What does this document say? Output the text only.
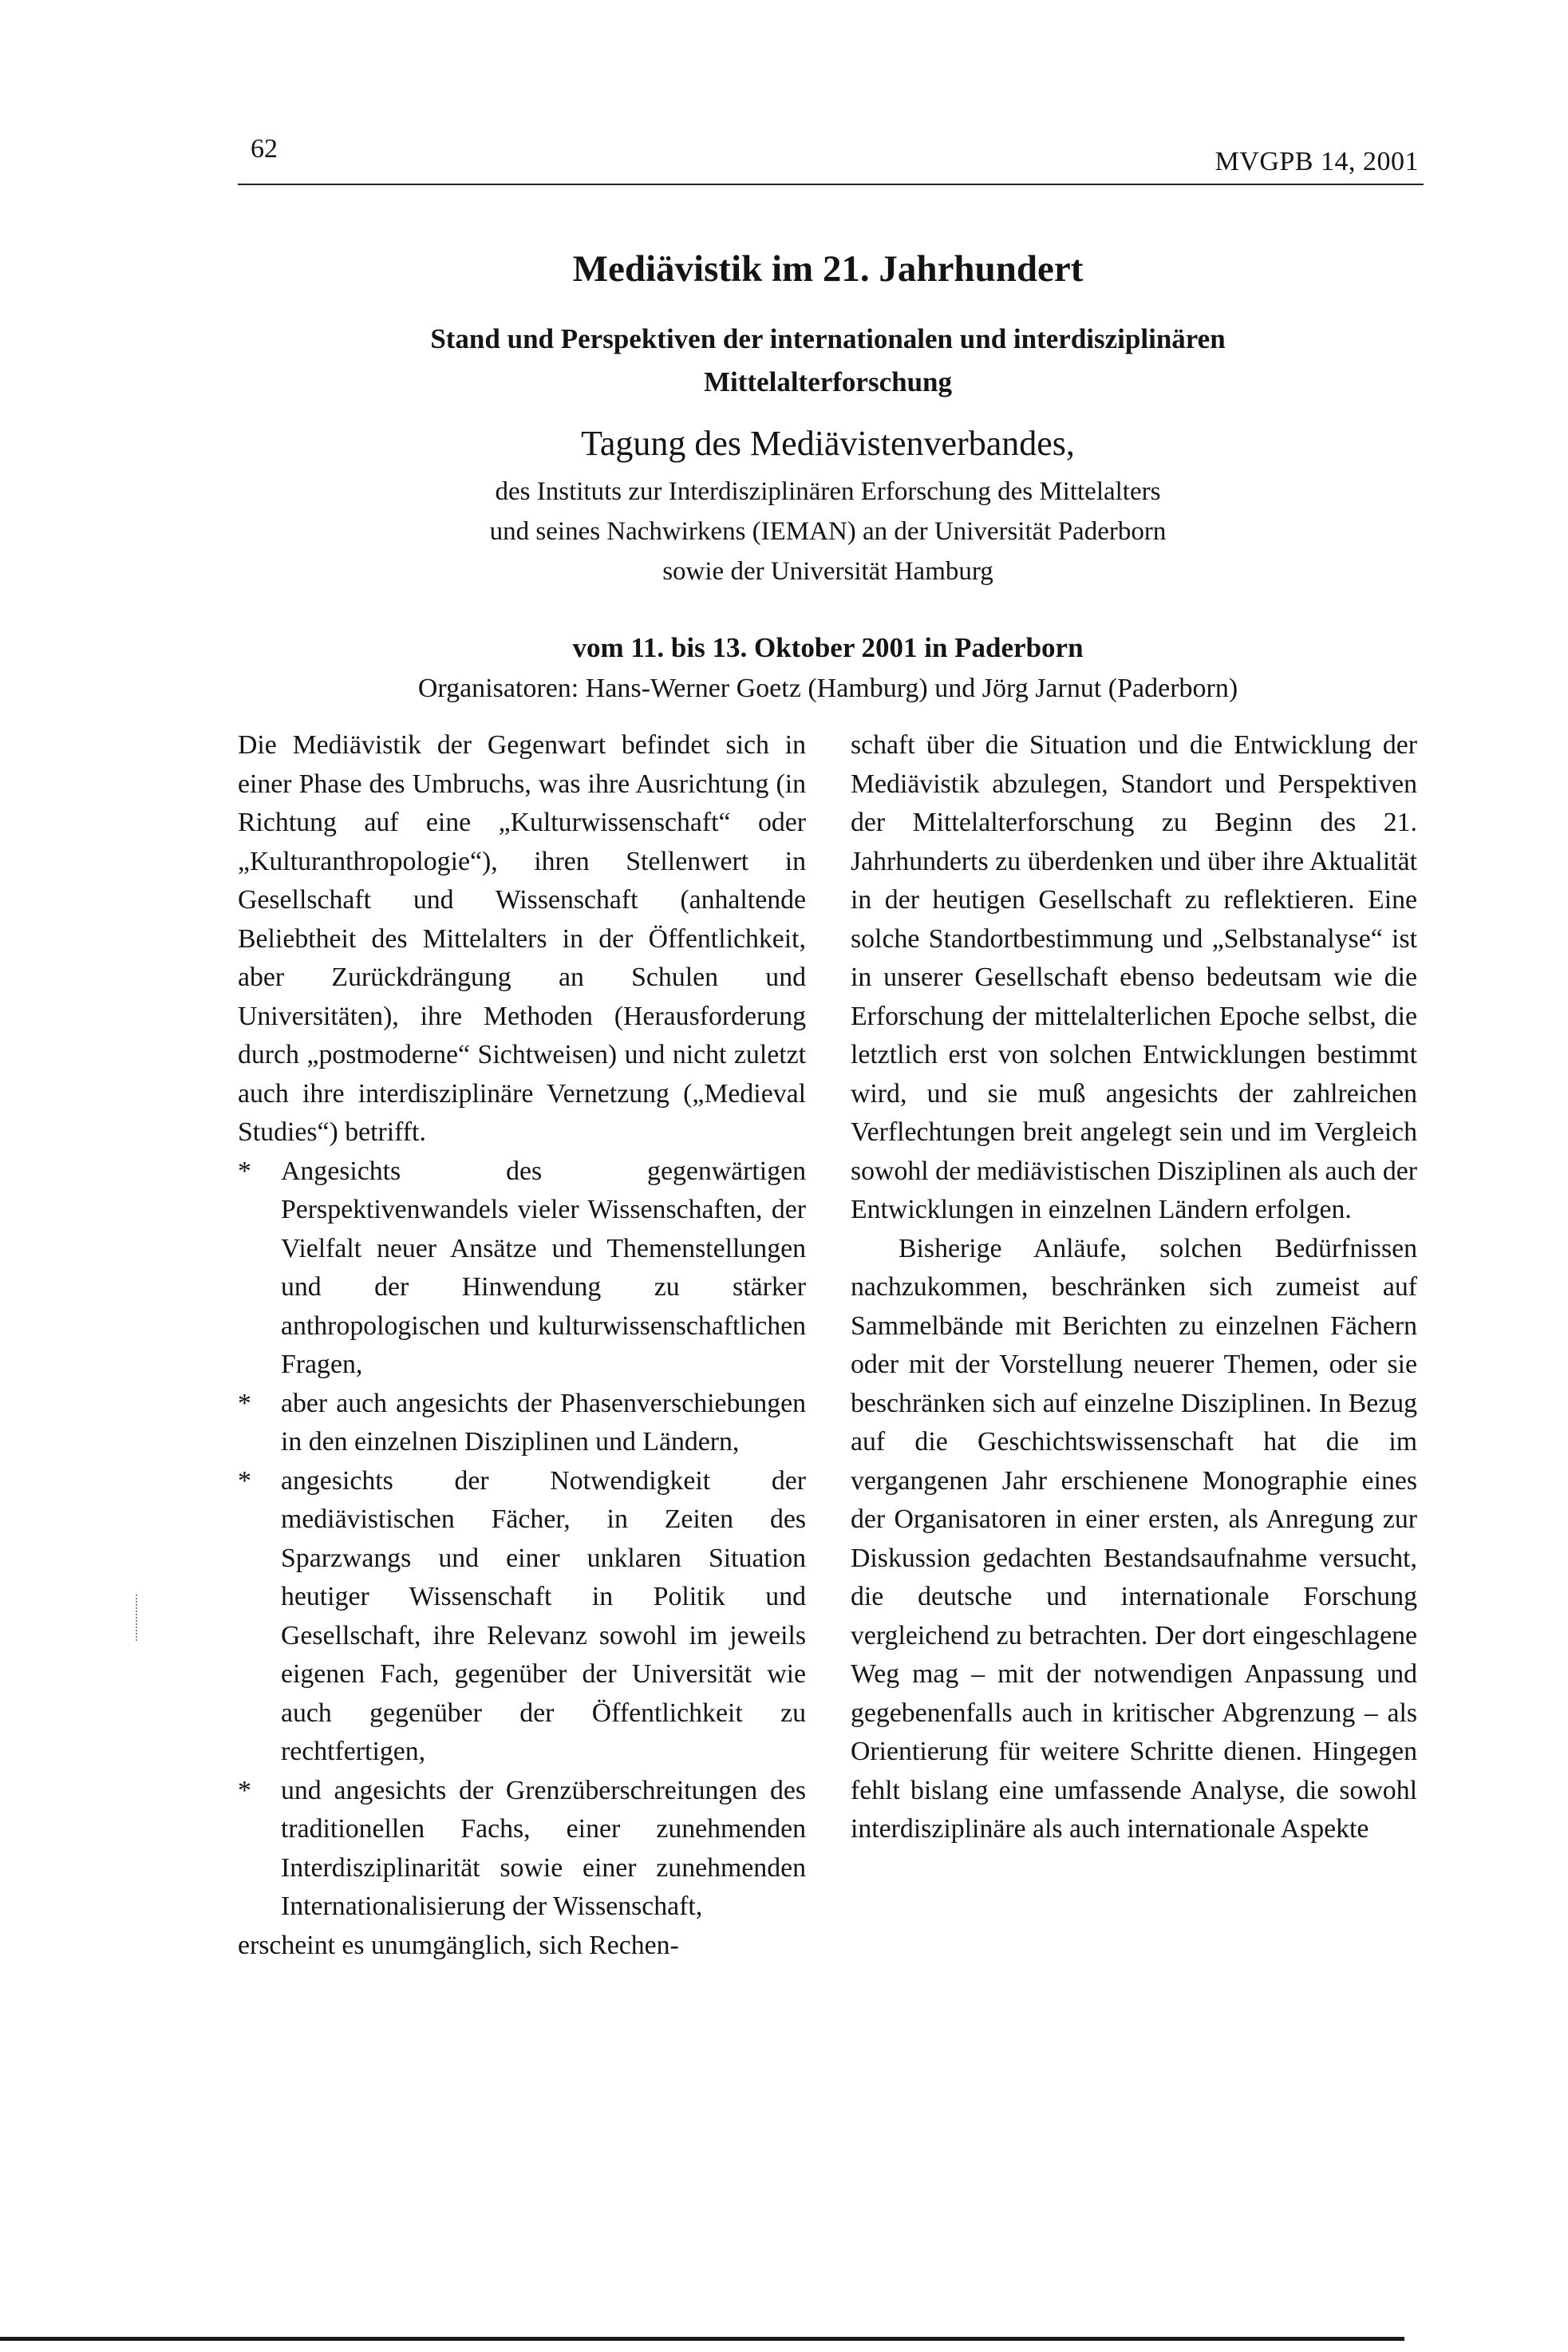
62	MVGPB 14, 2001
Mediävistik im 21. Jahrhundert
Stand und Perspektiven der internationalen und interdisziplinären
Mittelalterforschung
Tagung des Mediävistenverbandes,
des Instituts zur Interdisziplinären Erforschung des Mittelalters
und seines Nachwirkens (IEMAN) an der Universität Paderborn
sowie der Universität Hamburg
vom 11. bis 13. Oktober 2001 in Paderborn
Organisatoren: Hans-Werner Goetz (Hamburg) und Jörg Jarnut (Paderborn)

Die Mediävistik der Gegenwart befindet sich in einer Phase des Umbruchs, was ihre Ausrichtung (in Richtung auf eine „Kulturwissenschaft“ oder „Kulturanthropologie“), ihren Stellenwert in Gesellschaft und Wissenschaft (anhaltende Beliebtheit des Mittelalters in der Öffentlichkeit, aber Zurückdrängung an Schulen und Universitäten), ihre Methoden (Herausforderung durch „postmoderne“ Sichtweisen) und nicht zuletzt auch ihre interdisziplinäre Vernetzung („Medieval Studies“) betrifft.

* Angesichts des gegenwärtigen Perspektivenwandels vieler Wissenschaften, der Vielfalt neuer Ansätze und Themenstellungen und der Hinwendung zu stärker anthropologischen und kulturwissenschaftlichen Fragen,
* aber auch angesichts der Phasenverschiebungen in den einzelnen Disziplinen und Ländern,
* angesichts der Notwendigkeit der mediävistischen Fächer, in Zeiten des Sparzwangs und einer unklaren Situation heutiger Wissenschaft in Politik und Gesellschaft, ihre Relevanz sowohl im jeweils eigenen Fach, gegenüber der Universität wie auch gegenüber der Öffentlichkeit zu rechtfertigen,
* und angesichts der Grenzüberschreitungen des traditionellen Fachs, einer zunehmenden Interdisziplinarität sowie einer zunehmenden Internationalisierung der Wissenschaft,

erscheint es unumgänglich, sich Rechen-

schaft über die Situation und die Entwicklung der Mediävistik abzulegen, Standort und Perspektiven der Mittelalterforschung zu Beginn des 21. Jahrhunderts zu überdenken und über ihre Aktualität in der heutigen Gesellschaft zu reflektieren. Eine solche Standortbestimmung und „Selbstanalyse“ ist in unserer Gesellschaft ebenso bedeutsam wie die Erforschung der mittelalterlichen Epoche selbst, die letztlich erst von solchen Entwicklungen bestimmt wird, und sie muß angesichts der zahlreichen Verflechtungen breit angelegt sein und im Vergleich sowohl der mediävistischen Disziplinen als auch der Entwicklungen in einzelnen Ländern erfolgen.

Bisherige Anläufe, solchen Bedürfnissen nachzukommen, beschränken sich zumeist auf Sammelbände mit Berichten zu einzelnen Fächern oder mit der Vorstellung neuerer Themen, oder sie beschränken sich auf einzelne Disziplinen. In Bezug auf die Geschichtswissenschaft hat die im vergangenen Jahr erschienene Monographie eines der Organisatoren in einer ersten, als Anregung zur Diskussion gedachten Bestandsaufnahme versucht, die deutsche und internationale Forschung vergleichend zu betrachten. Der dort eingeschlagene Weg mag – mit der notwendigen Anpassung und gegebenenfalls auch in kritischer Abgrenzung – als Orientierung für weitere Schritte dienen. Hingegen fehlt bislang eine umfassende Analyse, die sowohl interdisziplinäre als auch internationale Aspekte
